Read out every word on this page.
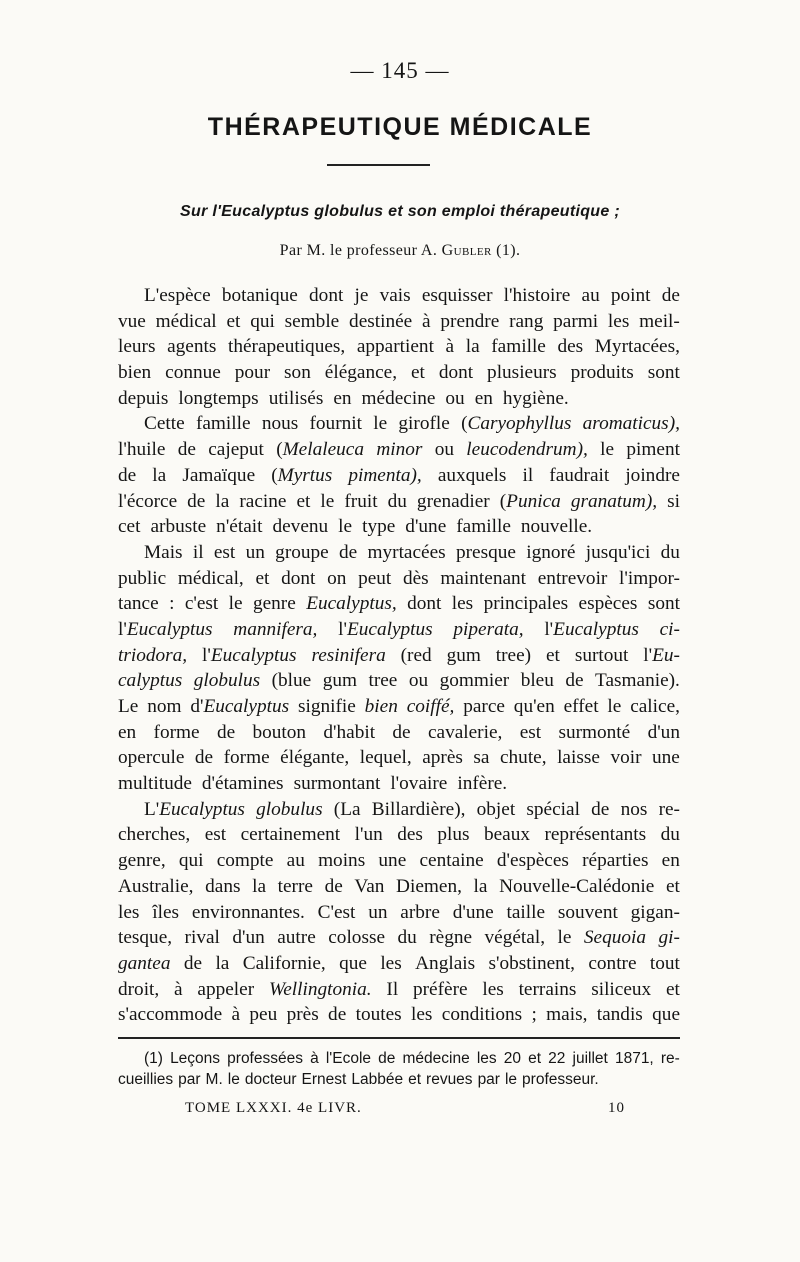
— 145 —
THÉRAPEUTIQUE MÉDICALE
Sur l'Eucalyptus globulus et son emploi thérapeutique ;
Par M. le professeur A. Gubler (1).
L'espèce botanique dont je vais esquisser l'histoire au point de
vue médical et qui semble destinée à prendre rang parmi les meil-
leurs agents thérapeutiques, appartient à la famille des Myrtacées,
bien connue pour son élégance, et dont plusieurs produits sont
depuis longtemps utilisés en médecine ou en hygiène.
Cette famille nous fournit le girofle (Caryophyllus aromaticus),
l'huile de cajeput (Melaleuca minor ou leucodendrum), le piment
de la Jamaïque (Myrtus pimenta), auxquels il faudrait joindre
l'écorce de la racine et le fruit du grenadier (Punica granatum), si
cet arbuste n'était devenu le type d'une famille nouvelle.
Mais il est un groupe de myrtacées presque ignoré jusqu'ici du
public médical, et dont on peut dès maintenant entrevoir l'impor-
tance : c'est le genre Eucalyptus, dont les principales espèces sont
l'Eucalyptus mannifera, l'Eucalyptus piperata, l'Eucalyptus ci-
triodora, l'Eucalyptus resinifera (red gum tree) et surtout l'Eu-
calyptus globulus (blue gum tree ou gommier bleu de Tasmanie).
Le nom d'Eucalyptus signifie bien coiffé, parce qu'en effet le calice,
en forme de bouton d'habit de cavalerie, est surmonté d'un
opercule de forme élégante, lequel, après sa chute, laisse voir une
multitude d'étamines surmontant l'ovaire infère.
L'Eucalyptus globulus (La Billardière), objet spécial de nos re-
cherches, est certainement l'un des plus beaux représentants du
genre, qui compte au moins une centaine d'espèces réparties en
Australie, dans la terre de Van Diemen, la Nouvelle-Calédonie et
les îles environnantes. C'est un arbre d'une taille souvent gigan-
tesque, rival d'un autre colosse du règne végétal, le Sequoia gi-
gantea de la Californie, que les Anglais s'obstinent, contre tout
droit, à appeler Wellingtonia. Il préfère les terrains siliceux et
s'accommode à peu près de toutes les conditions ; mais, tandis que
(1) Leçons professées à l'Ecole de médecine les 20 et 22 juillet 1871, re-
cueillies par M. le docteur Ernest Labbée et revues par le professeur.
TOME LXXXI. 4e LIVR.	10
